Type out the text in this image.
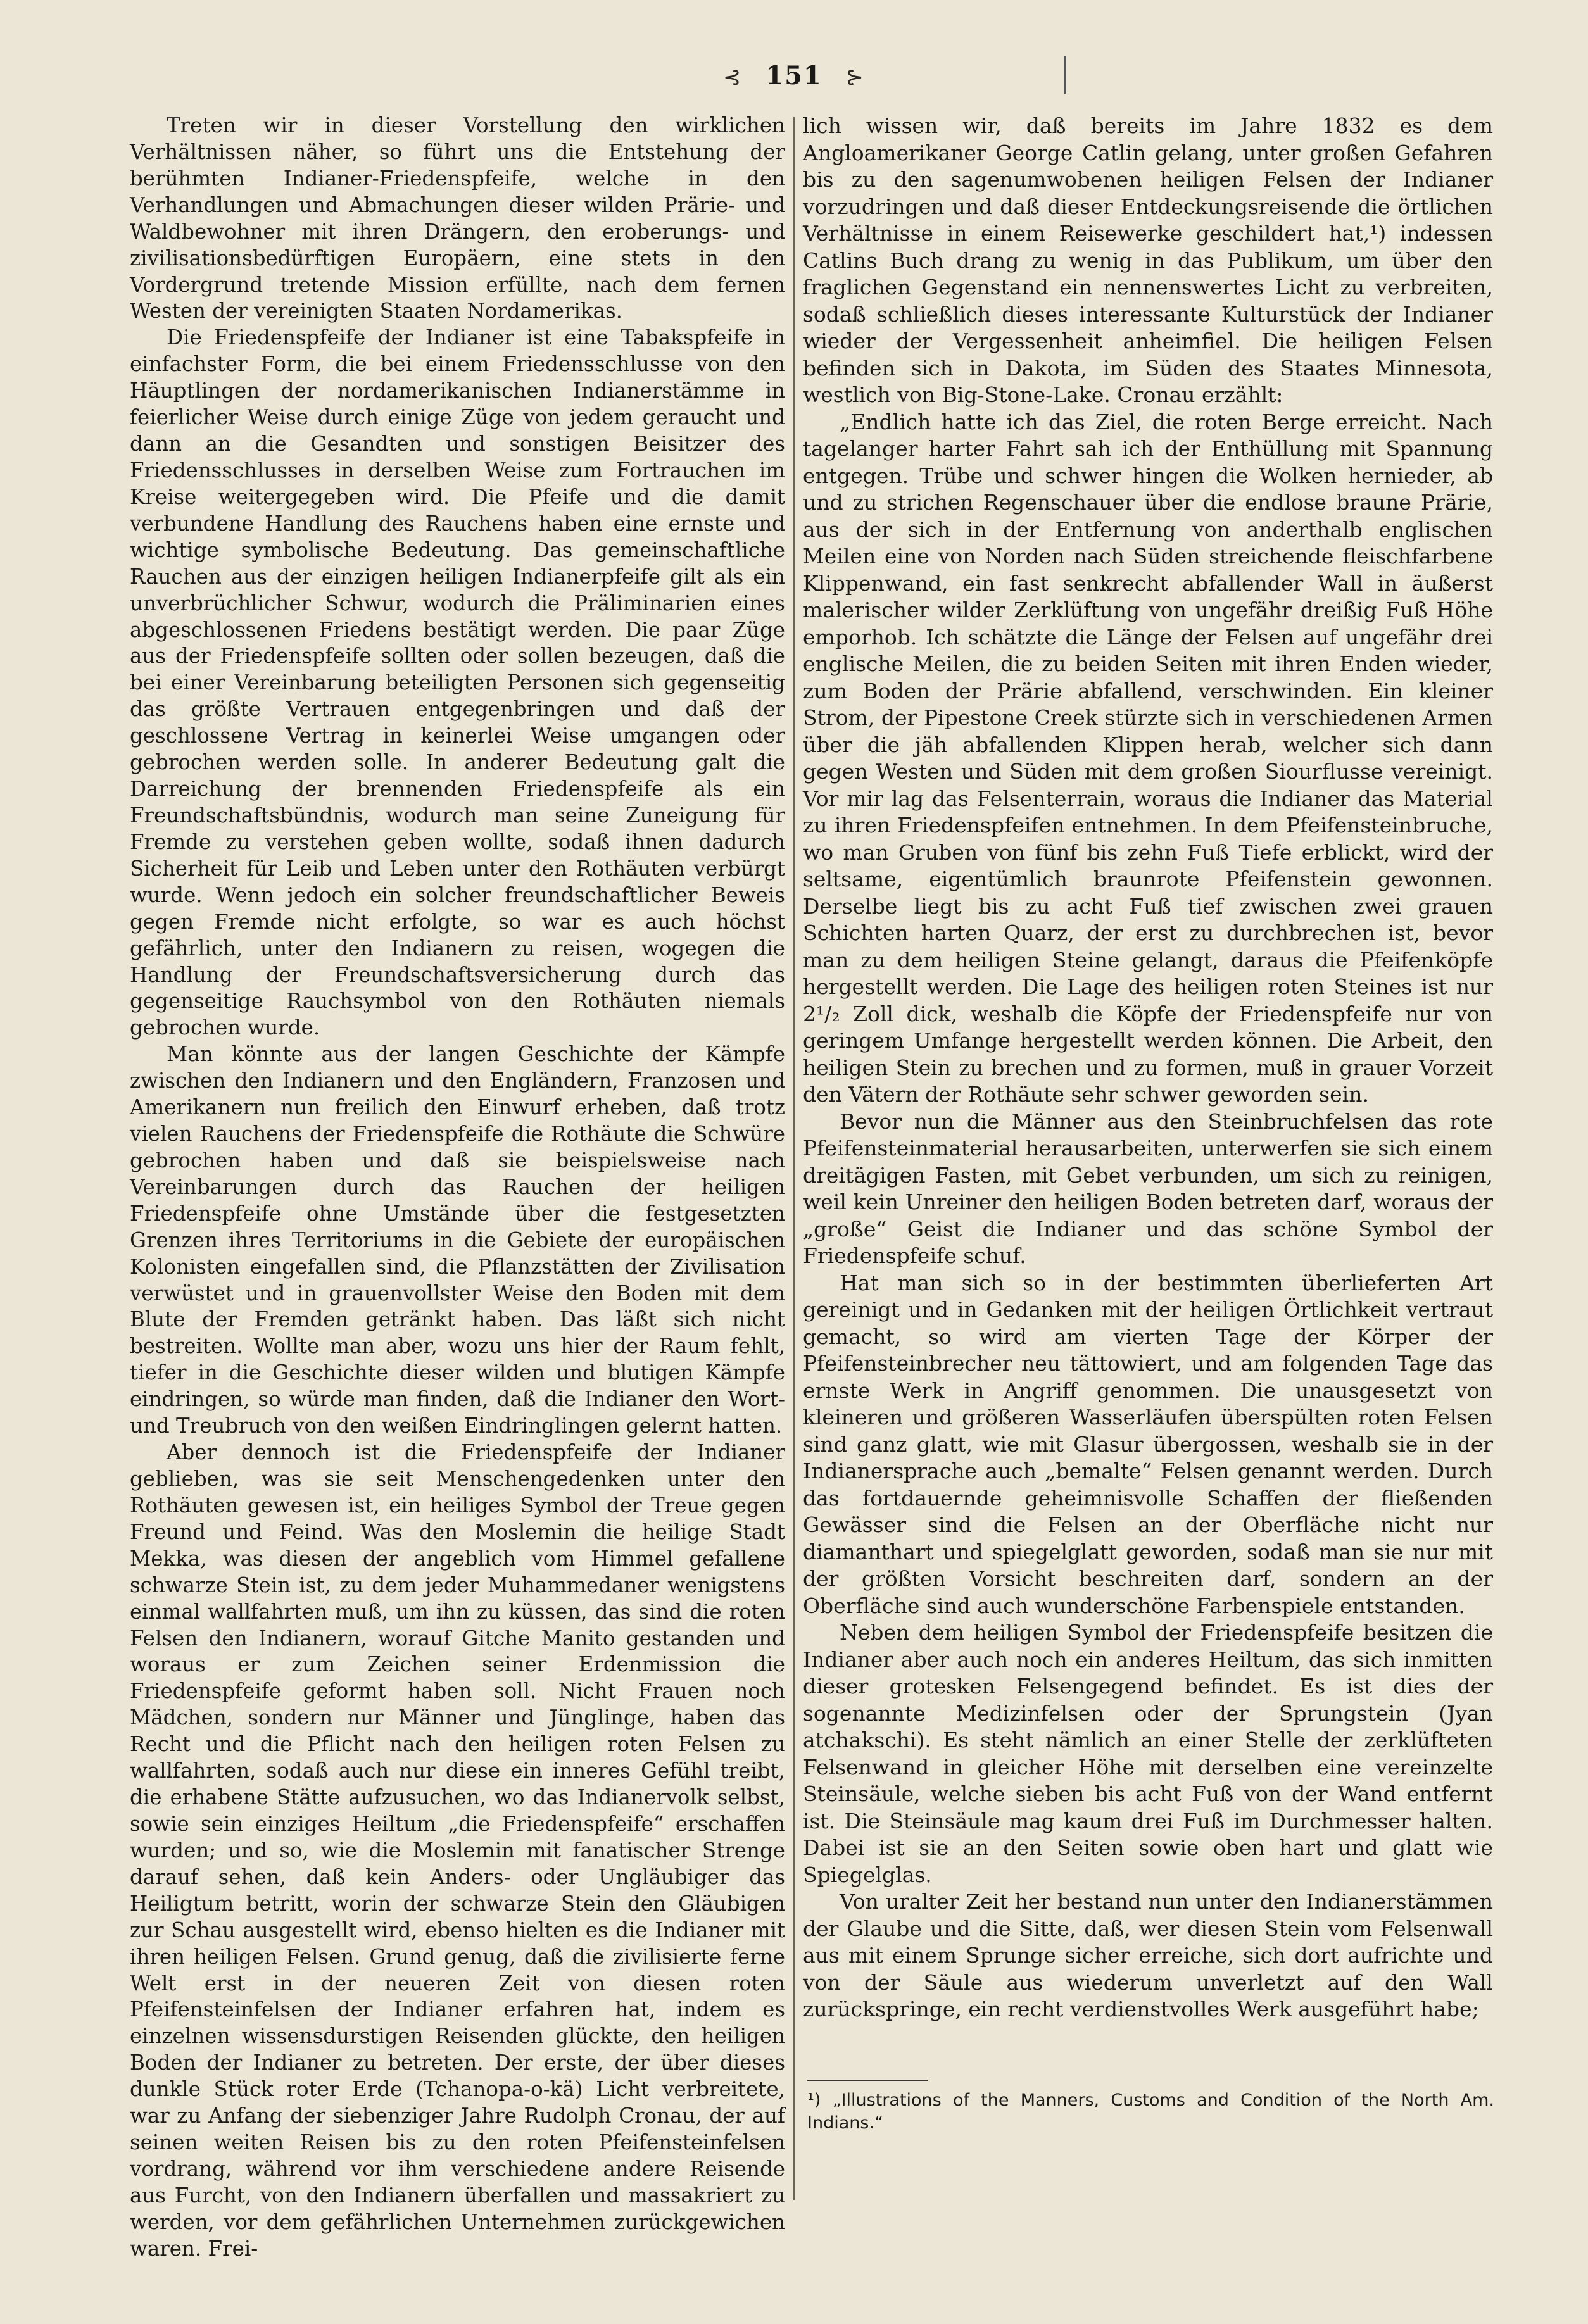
⊰ 151 ⊱

Treten wir in dieser Vorstellung den wirklichen Verhältnissen näher, so führt uns die Entstehung der berühmten Indianer-Friedenspfeife, welche in den Verhandlungen und Abmachungen dieser wilden Prärie- und Waldbewohner mit ihren Drängern, den eroberungs- und zivilisationsbedürftigen Europäern, eine stets in den Vordergrund tretende Mission erfüllte, nach dem fernen Westen der vereinigten Staaten Nordamerikas.

Die Friedenspfeife der Indianer ist eine Tabakspfeife in einfachster Form, die bei einem Friedensschlusse von den Häuptlingen der nordamerikanischen Indianerstämme in feierlicher Weise durch einige Züge von jedem geraucht und dann an die Gesandten und sonstigen Beisitzer des Friedensschlusses in derselben Weise zum Fortrauchen im Kreise weitergegeben wird. Die Pfeife und die damit verbundene Handlung des Rauchens haben eine ernste und wichtige symbolische Bedeutung. Das gemeinschaftliche Rauchen aus der einzigen heiligen Indianerpfeife gilt als ein unverbrüchlicher Schwur, wodurch die Präliminarien eines abgeschlossenen Friedens bestätigt werden. Die paar Züge aus der Friedenspfeife sollten oder sollen bezeugen, daß die bei einer Vereinbarung beteiligten Personen sich gegenseitig das größte Vertrauen entgegenbringen und daß der geschlossene Vertrag in keinerlei Weise umgangen oder gebrochen werden solle. In anderer Bedeutung galt die Darreichung der brennenden Friedenspfeife als ein Freundschaftsbündnis, wodurch man seine Zuneigung für Fremde zu verstehen geben wollte, sodaß ihnen dadurch Sicherheit für Leib und Leben unter den Rothäuten verbürgt wurde. Wenn jedoch ein solcher freundschaftlicher Beweis gegen Fremde nicht erfolgte, so war es auch höchst gefährlich, unter den Indianern zu reisen, wogegen die Handlung der Freundschaftsversicherung durch das gegenseitige Rauchsymbol von den Rothäuten niemals gebrochen wurde.

Man könnte aus der langen Geschichte der Kämpfe zwischen den Indianern und den Engländern, Franzosen und Amerikanern nun freilich den Einwurf erheben, daß trotz vielen Rauchens der Friedenspfeife die Rothäute die Schwüre gebrochen haben und daß sie beispielsweise nach Vereinbarungen durch das Rauchen der heiligen Friedenspfeife ohne Umstände über die festgesetzten Grenzen ihres Territoriums in die Gebiete der europäischen Kolonisten eingefallen sind, die Pflanzstätten der Zivilisation verwüstet und in grauenvollster Weise den Boden mit dem Blute der Fremden getränkt haben. Das läßt sich nicht bestreiten. Wollte man aber, wozu uns hier der Raum fehlt, tiefer in die Geschichte dieser wilden und blutigen Kämpfe eindringen, so würde man finden, daß die Indianer den Wort- und Treubruch von den weißen Eindringlingen gelernt hatten.

Aber dennoch ist die Friedenspfeife der Indianer geblieben, was sie seit Menschengedenken unter den Rothäuten gewesen ist, ein heiliges Symbol der Treue gegen Freund und Feind. Was den Moslemin die heilige Stadt Mekka, was diesen der angeblich vom Himmel gefallene schwarze Stein ist, zu dem jeder Muhammedaner wenigstens einmal wallfahrten muß, um ihn zu küssen, das sind die roten Felsen den Indianern, worauf Gitche Manito gestanden und woraus er zum Zeichen seiner Erdenmission die Friedenspfeife geformt haben soll. Nicht Frauen noch Mädchen, sondern nur Männer und Jünglinge, haben das Recht und die Pflicht nach den heiligen roten Felsen zu wallfahrten, sodaß auch nur diese ein inneres Gefühl treibt, die erhabene Stätte aufzusuchen, wo das Indianervolk selbst, sowie sein einziges Heiltum „die Friedenspfeife“ erschaffen wurden; und so, wie die Moslemin mit fanatischer Strenge darauf sehen, daß kein Anders- oder Ungläubiger das Heiligtum betritt, worin der schwarze Stein den Gläubigen zur Schau ausgestellt wird, ebenso hielten es die Indianer mit ihren heiligen Felsen. Grund genug, daß die zivilisierte ferne Welt erst in der neueren Zeit von diesen roten Pfeifensteinfelsen der Indianer erfahren hat, indem es einzelnen wissensdurstigen Reisenden glückte, den heiligen Boden der Indianer zu betreten. Der erste, der über dieses dunkle Stück roter Erde (Tchanopa-o-kä) Licht verbreitete, war zu Anfang der siebenziger Jahre Rudolph Cronau, der auf seinen weiten Reisen bis zu den roten Pfeifensteinfelsen vordrang, während vor ihm verschiedene andere Reisende aus Furcht, von den Indianern überfallen und massakriert zu werden, vor dem gefährlichen Unternehmen zurückgewichen waren. Frei-

lich wissen wir, daß bereits im Jahre 1832 es dem Angloamerikaner George Catlin gelang, unter großen Gefahren bis zu den sagenumwobenen heiligen Felsen der Indianer vorzudringen und daß dieser Entdeckungsreisende die örtlichen Verhältnisse in einem Reisewerke geschildert hat,¹) indessen Catlins Buch drang zu wenig in das Publikum, um über den fraglichen Gegenstand ein nennenswertes Licht zu verbreiten, sodaß schließlich dieses interessante Kulturstück der Indianer wieder der Vergessenheit anheimfiel. Die heiligen Felsen befinden sich in Dakota, im Süden des Staates Minnesota, westlich von Big-Stone-Lake. Cronau erzählt:

„Endlich hatte ich das Ziel, die roten Berge erreicht. Nach tagelanger harter Fahrt sah ich der Enthüllung mit Spannung entgegen. Trübe und schwer hingen die Wolken hernieder, ab und zu strichen Regenschauer über die endlose braune Prärie, aus der sich in der Entfernung von anderthalb englischen Meilen eine von Norden nach Süden streichende fleischfarbene Klippenwand, ein fast senkrecht abfallender Wall in äußerst malerischer wilder Zerklüftung von ungefähr dreißig Fuß Höhe emporhob. Ich schätzte die Länge der Felsen auf ungefähr drei englische Meilen, die zu beiden Seiten mit ihren Enden wieder, zum Boden der Prärie abfallend, verschwinden. Ein kleiner Strom, der Pipestone Creek stürzte sich in verschiedenen Armen über die jäh abfallenden Klippen herab, welcher sich dann gegen Westen und Süden mit dem großen Siourflusse vereinigt. Vor mir lag das Felsenterrain, woraus die Indianer das Material zu ihren Friedenspfeifen entnehmen. In dem Pfeifensteinbruche, wo man Gruben von fünf bis zehn Fuß Tiefe erblickt, wird der seltsame, eigentümlich braunrote Pfeifenstein gewonnen. Derselbe liegt bis zu acht Fuß tief zwischen zwei grauen Schichten harten Quarz, der erst zu durchbrechen ist, bevor man zu dem heiligen Steine gelangt, daraus die Pfeifenköpfe hergestellt werden. Die Lage des heiligen roten Steines ist nur 2¹/₂ Zoll dick, weshalb die Köpfe der Friedenspfeife nur von geringem Umfange hergestellt werden können. Die Arbeit, den heiligen Stein zu brechen und zu formen, muß in grauer Vorzeit den Vätern der Rothäute sehr schwer geworden sein.

Bevor nun die Männer aus den Steinbruchfelsen das rote Pfeifensteinmaterial herausarbeiten, unterwerfen sie sich einem dreitägigen Fasten, mit Gebet verbunden, um sich zu reinigen, weil kein Unreiner den heiligen Boden betreten darf, woraus der „große“ Geist die Indianer und das schöne Symbol der Friedenspfeife schuf.

Hat man sich so in der bestimmten überlieferten Art gereinigt und in Gedanken mit der heiligen Örtlichkeit vertraut gemacht, so wird am vierten Tage der Körper der Pfeifensteinbrecher neu tättowiert, und am folgenden Tage das ernste Werk in Angriff genommen. Die unausgesetzt von kleineren und größeren Wasserläufen überspülten roten Felsen sind ganz glatt, wie mit Glasur übergossen, weshalb sie in der Indianersprache auch „bemalte“ Felsen genannt werden. Durch das fortdauernde geheimnisvolle Schaffen der fließenden Gewässer sind die Felsen an der Oberfläche nicht nur diamanthart und spiegelglatt geworden, sodaß man sie nur mit der größten Vorsicht beschreiten darf, sondern an der Oberfläche sind auch wunderschöne Farbenspiele entstanden.

Neben dem heiligen Symbol der Friedenspfeife besitzen die Indianer aber auch noch ein anderes Heiltum, das sich inmitten dieser grotesken Felsengegend befindet. Es ist dies der sogenannte Medizinfelsen oder der Sprungstein (Jyan atchakschi). Es steht nämlich an einer Stelle der zerklüfteten Felsenwand in gleicher Höhe mit derselben eine vereinzelte Steinsäule, welche sieben bis acht Fuß von der Wand entfernt ist. Die Steinsäule mag kaum drei Fuß im Durchmesser halten. Dabei ist sie an den Seiten sowie oben hart und glatt wie Spiegelglas.

Von uralter Zeit her bestand nun unter den Indianerstämmen der Glaube und die Sitte, daß, wer diesen Stein vom Felsenwall aus mit einem Sprunge sicher erreiche, sich dort aufrichte und von der Säule aus wiederum unverletzt auf den Wall zurückspringe, ein recht verdienstvolles Werk ausgeführt habe;

¹) „Illustrations of the Manners, Customs and Condition of the North Am. Indians.“
